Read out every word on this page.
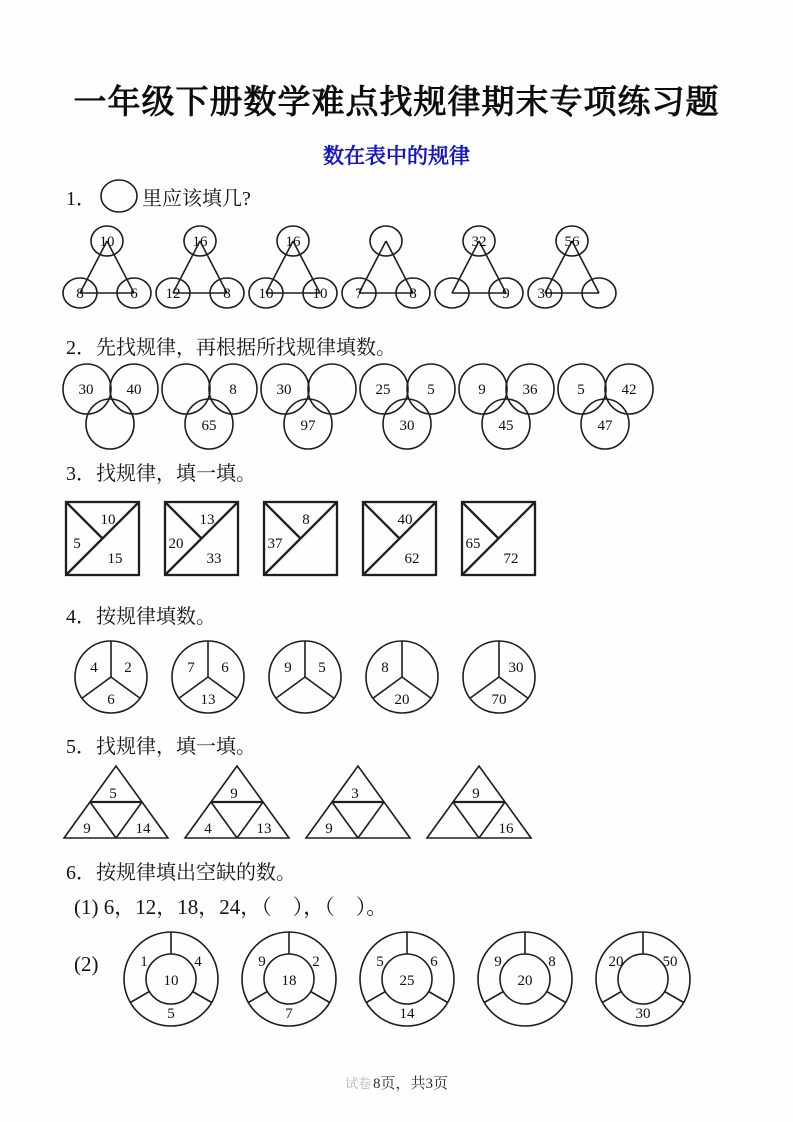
一年级下册数学难点找规律期末专项练习题
数在表中的规律
1． 里应该填几?
10
8	6
16
12	8
16
10	10 7	8
32
9
56
30
2．先找规律，再根据所找规律填数。
30 40	8
65
30
97
25 5
30
9 36
45
5 42
47
3．找规律，填一填。
10
5
15
13
20
33
8
37
40
62
65
72
4．按规律填数。
4 2
6
7 6
13
9 5	8
20
30
70
5．找规律，填一填。
5
9	14
9
4	13
3
9
9
16
6．按规律填出空缺的数。
(1) 6，12，18，24，（　），（　）。
(2)	1	4
5
10
9	2
7
18
5	6
14
25
9	8
20
20	50
30
试卷 8页，共3页
